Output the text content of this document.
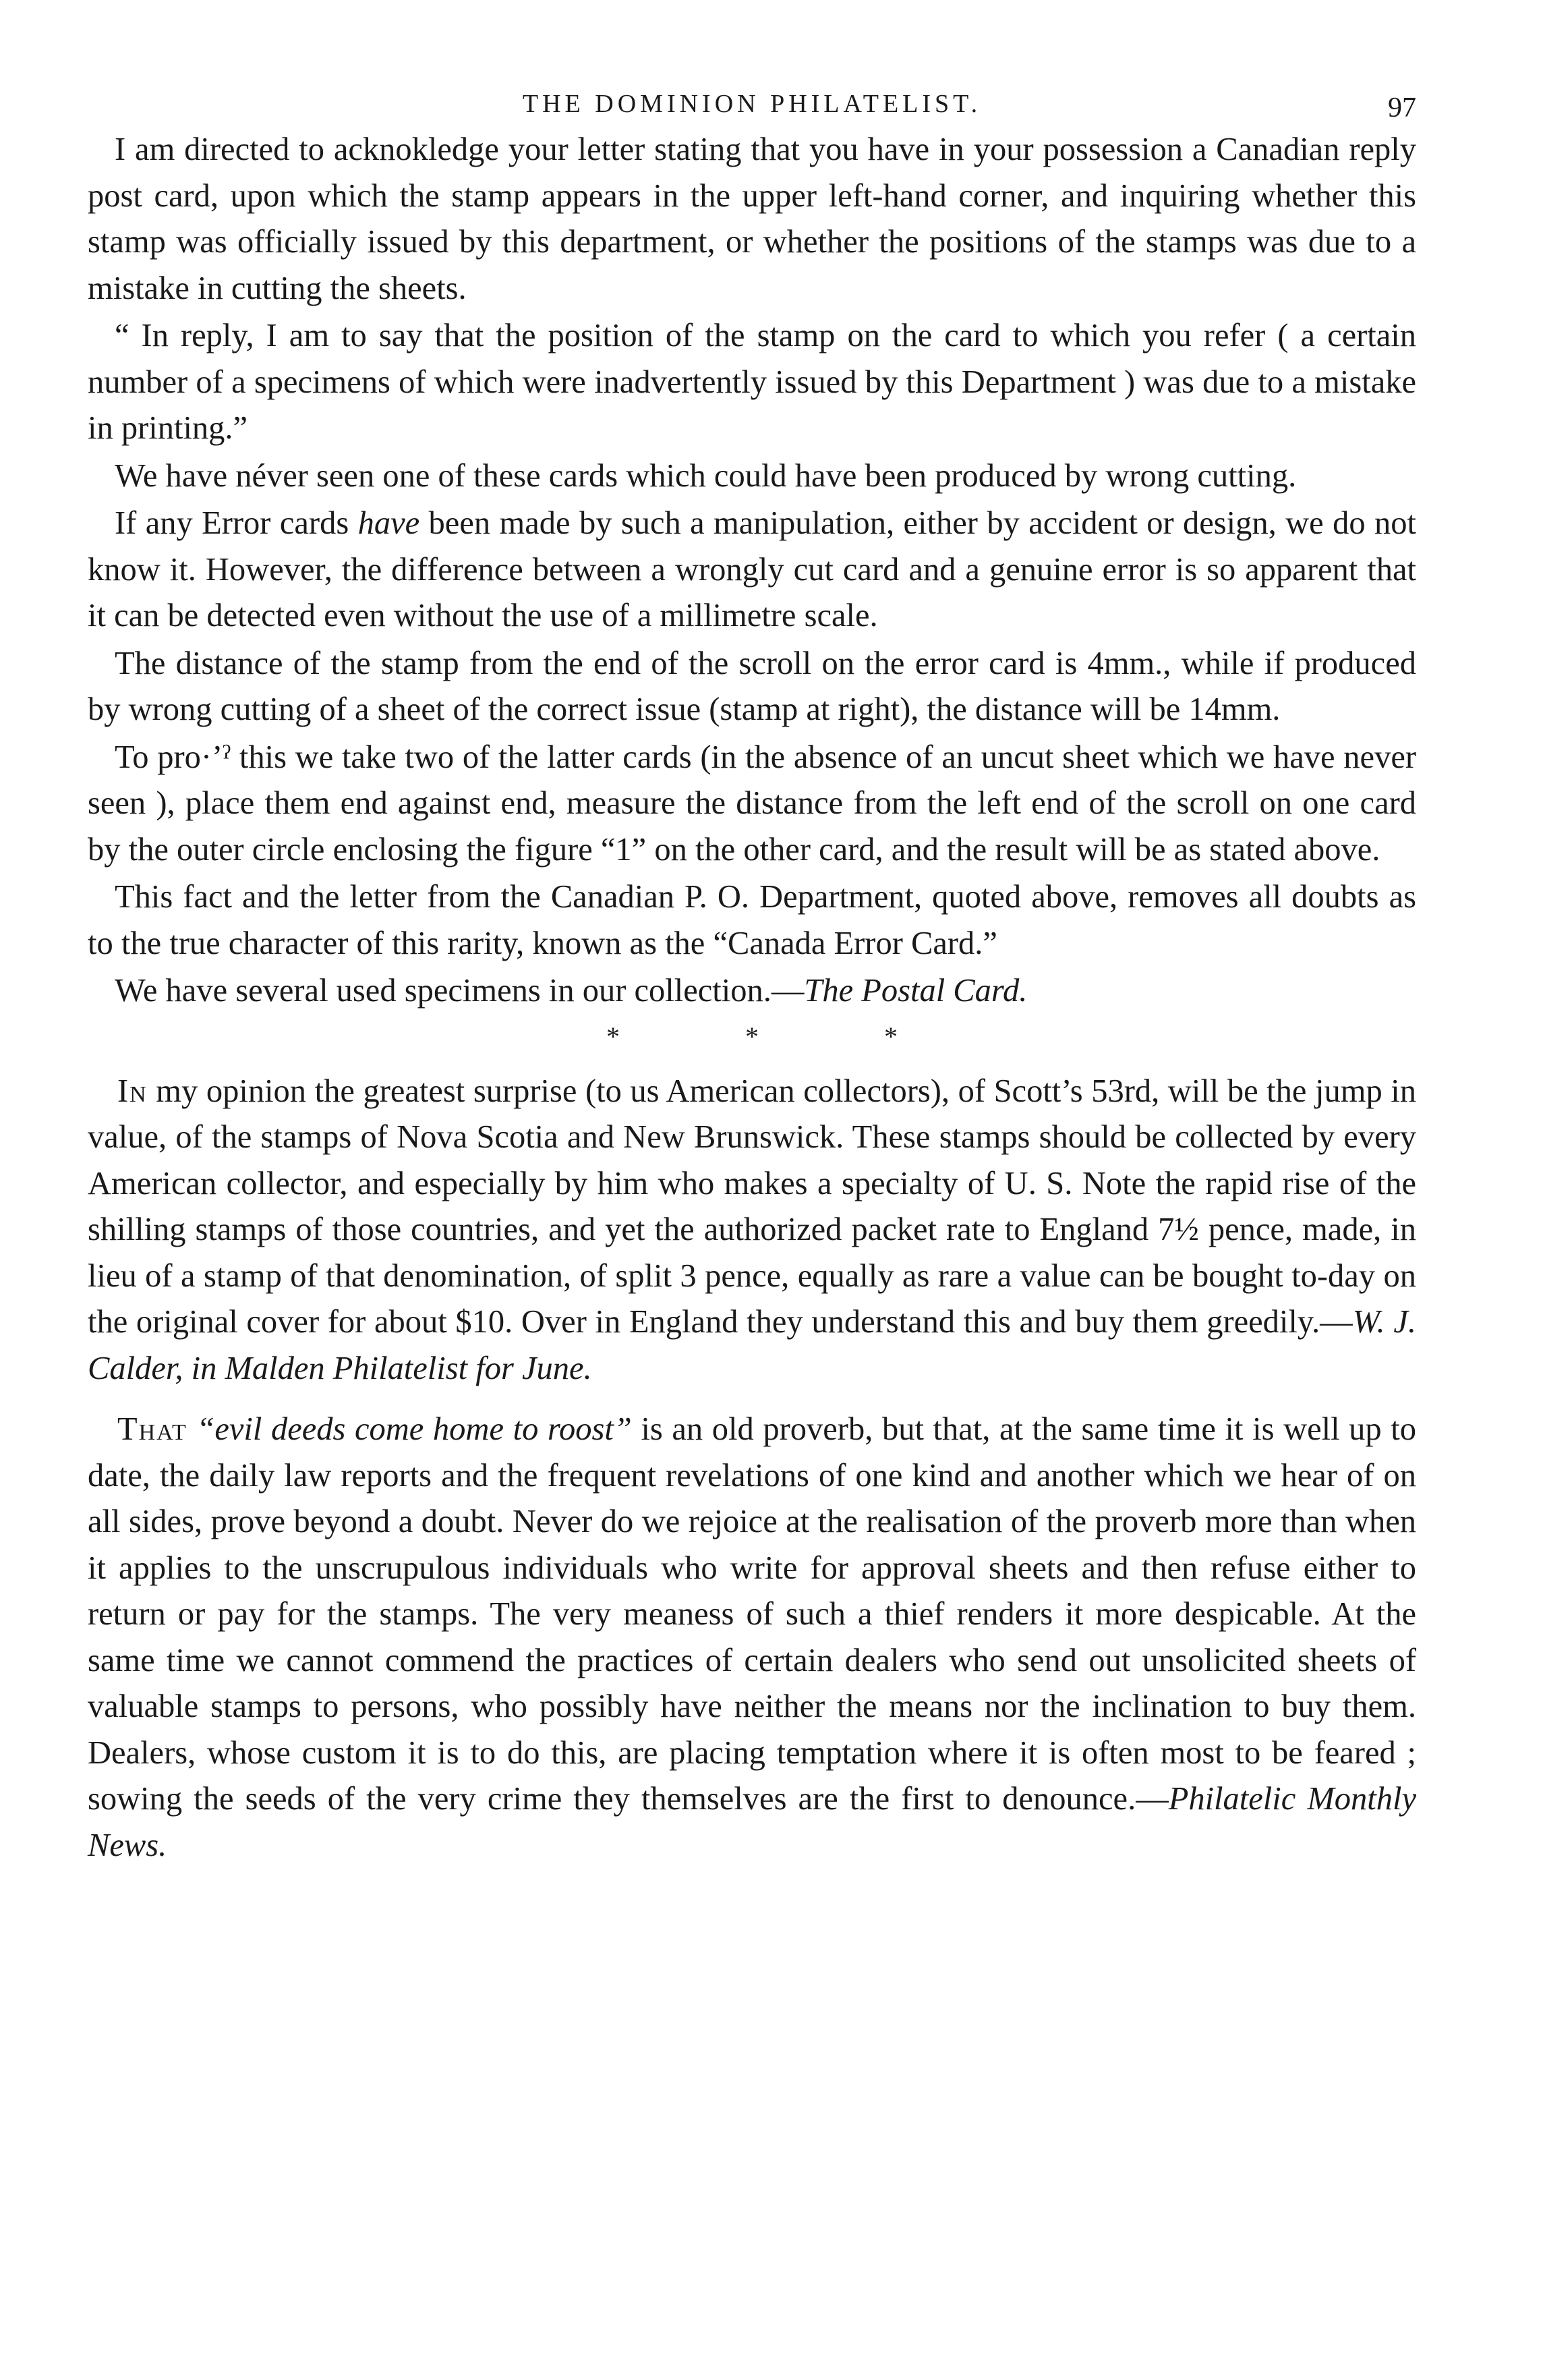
THE DOMINION PHILATELIST.	97

I am directed to acknokledge your letter stating that you have in your possession a Canadian reply post card, upon which the stamp appears in the upper left-hand corner, and inquiring whether this stamp was officially issued by this department, or whether the positions of the stamps was due to a mistake in cutting the sheets.

“ In reply, I am to say that the position of the stamp on the card to which you refer ( a certain number of a specimens of which were inadvertently issued by this Department ) was due to a mistake in printing.”

We have néver seen one of these cards which could have been produced by wrong cutting.

If any Error cards have been made by such a manipulation, either by accident or design, we do not know it. However, the difference between a wrongly cut card and a genuine error is so apparent that it can be detected even without the use of a millimetre scale.

The distance of the stamp from the end of the scroll on the error card is 4mm., while if produced by wrong cutting of a sheet of the correct issue (stamp at right), the distance will be 14mm.

To pro·’ˀ this we take two of the latter cards (in the absence of an uncut sheet which we have never seen ), place them end against end, measure the distance from the left end of the scroll on one card by the outer circle enclosing the figure “1” on the other card, and the result will be as stated above.

This fact and the letter from the Canadian P. O. Department, quoted above, removes all doubts as to the true character of this rarity, known as the “Canada Error Card.”

We have several used specimens in our collection.—The Postal Card.

* * *

In my opinion the greatest surprise (to us American collectors), of Scott’s 53rd, will be the jump in value, of the stamps of Nova Scotia and New Brunswick. These stamps should be collected by every American collector, and especially by him who makes a specialty of U. S. Note the rapid rise of the shilling stamps of those countries, and yet the authorized packet rate to England 7½ pence, made, in lieu of a stamp of that denomination, of split 3 pence, equally as rare a value can be bought to-day on the original cover for about $10. Over in England they understand this and buy them greedily.—W. J. Calder, in Malden Philatelist for June.

That “evil deeds come home to roost” is an old proverb, but that, at the same time it is well up to date, the daily law reports and the frequent revelations of one kind and another which we hear of on all sides, prove beyond a doubt. Never do we rejoice at the realisation of the proverb more than when it applies to the unscrupulous individuals who write for approval sheets and then refuse either to return or pay for the stamps. The very meaness of such a thief renders it more despicable. At the same time we cannot commend the practices of certain dealers who send out unsolicited sheets of valuable stamps to persons, who possibly have neither the means nor the inclination to buy them. Dealers, whose custom it is to do this, are placing temptation where it is often most to be feared ; sowing the seeds of the very crime they themselves are the first to denounce.—Philatelic Monthly News.
